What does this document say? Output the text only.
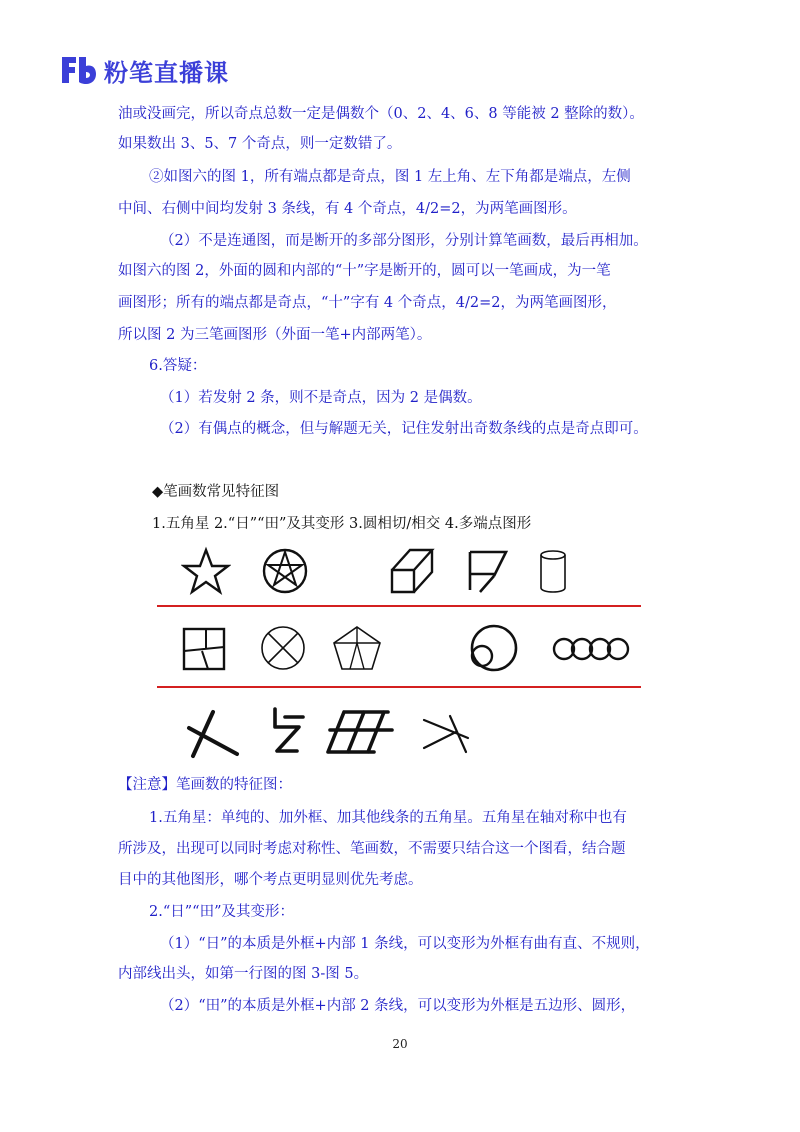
粉笔直播课
油或没画完，所以奇点总数一定是偶数个（0、2、4、6、8 等能被 2 整除的数）。
如果数出 3、5、7 个奇点，则一定数错了。
②如图六的图 1，所有端点都是奇点，图 1 左上角、左下角都是端点，左侧
中间、右侧中间均发射 3 条线，有 4 个奇点，4/2=2，为两笔画图形。
（2）不是连通图，而是断开的多部分图形，分别计算笔画数，最后再相加。
如图六的图 2，外面的圆和内部的“十”字是断开的，圆可以一笔画成，为一笔
画图形；所有的端点都是奇点，“十”字有 4 个奇点，4/2=2，为两笔画图形，
所以图 2 为三笔画图形（外面一笔+内部两笔）。
6.答疑：
（1）若发射 2 条，则不是奇点，因为 2 是偶数。
（2）有偶点的概念，但与解题无关，记住发射出奇数条线的点是奇点即可。
◆笔画数常见特征图
1.五角星 2.“日”“田”及其变形 3.圆相切/相交 4.多端点图形
【注意】笔画数的特征图：
1.五角星：单纯的、加外框、加其他线条的五角星。五角星在轴对称中也有
所涉及，出现可以同时考虑对称性、笔画数，不需要只结合这一个图看，结合题
目中的其他图形，哪个考点更明显则优先考虑。
2.“日”“田”及其变形：
（1）“日”的本质是外框+内部 1 条线，可以变形为外框有曲有直、不规则，
内部线出头，如第一行图的图 3-图 5。
（2）“田”的本质是外框+内部 2 条线，可以变形为外框是五边形、圆形，
20
